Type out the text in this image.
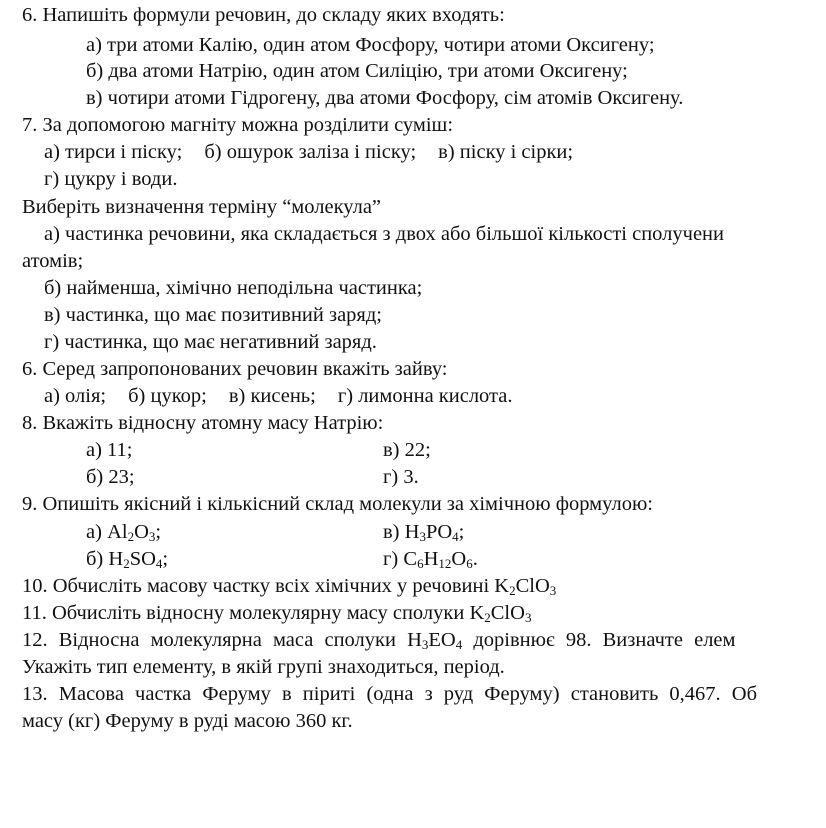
6. Напишіть формули речовин, до складу яких входять:
а) три атоми Калію, один атом Фосфору, чотири атоми Оксигену;
б) два атоми Натрію, один атом Силіцію, три атоми Оксигену;
в) чотири атоми Гідрогену, два атоми Фосфору, сім атомів Оксигену.
7. За допомогою магніту можна розділити суміш:
а) тирси і піску; б) ошурок заліза і піску; в) піску і сірки;
г) цукру і води.
Виберіть визначення терміну “молекула”
а) частинка речовини, яка складається з двох або більшої кількості сполучени
атомів;
б) найменша, хімічно неподільна частинка;
в) частинка, що має позитивний заряд;
г) частинка, що має негативний заряд.
6. Серед запропонованих речовин вкажіть зайву:
а) олія; б) цукор; в) кисень; г) лимонна кислота.
8. Вкажіть відносну атомну масу Натрію:
а) 11;	в) 22;
б) 23;	г) 3.
9. Опишіть якісний і кількісний склад молекули за хімічною формулою:
а) $Al_2O_3$;	в) $H_3PO_4$;
б) $H_2SO_4$;	г) $C_6H_{12}O_6$.
10. Обчисліть масову частку всіх хімічних у речовині $K_2ClO_3$
11. Обчисліть відносну молекулярну масу сполуки $K_2ClO_3$
12. Відносна молекулярна маса сполуки $H_3EO_4$ дорівнює 98. Визначте елем
Укажіть тип елементу, в якій групі знаходиться, період.
13. Масова частка Феруму в піриті (одна з руд Феруму) становить 0,467. Об
масу (кг) Феруму в руді масою 360 кг.
